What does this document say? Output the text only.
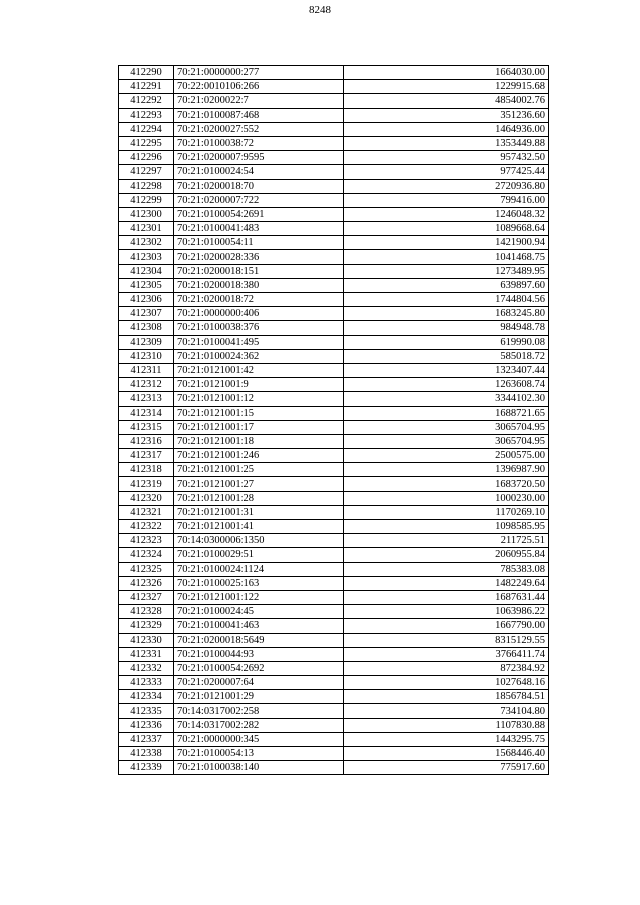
8248
412290	70:21:0000000:277	1664030.00
412291	70:22:0010106:266	1229915.68
412292	70:21:0200022:7	4854002.76
412293	70:21:0100087:468	351236.60
412294	70:21:0200027:552	1464936.00
412295	70:21:0100038:72	1353449.88
412296	70:21:0200007:9595	957432.50
412297	70:21:0100024:54	977425.44
412298	70:21:0200018:70	2720936.80
412299	70:21:0200007:722	799416.00
412300	70:21:0100054:2691	1246048.32
412301	70:21:0100041:483	1089668.64
412302	70:21:0100054:11	1421900.94
412303	70:21:0200028:336	1041468.75
412304	70:21:0200018:151	1273489.95
412305	70:21:0200018:380	639897.60
412306	70:21:0200018:72	1744804.56
412307	70:21:0000000:406	1683245.80
412308	70:21:0100038:376	984948.78
412309	70:21:0100041:495	619990.08
412310	70:21:0100024:362	585018.72
412311	70:21:0121001:42	1323407.44
412312	70:21:0121001:9	1263608.74
412313	70:21:0121001:12	3344102.30
412314	70:21:0121001:15	1688721.65
412315	70:21:0121001:17	3065704.95
412316	70:21:0121001:18	3065704.95
412317	70:21:0121001:246	2500575.00
412318	70:21:0121001:25	1396987.90
412319	70:21:0121001:27	1683720.50
412320	70:21:0121001:28	1000230.00
412321	70:21:0121001:31	1170269.10
412322	70:21:0121001:41	1098585.95
412323	70:14:0300006:1350	211725.51
412324	70:21:0100029:51	2060955.84
412325	70:21:0100024:1124	785383.08
412326	70:21:0100025:163	1482249.64
412327	70:21:0121001:122	1687631.44
412328	70:21:0100024:45	1063986.22
412329	70:21:0100041:463	1667790.00
412330	70:21:0200018:5649	8315129.55
412331	70:21:0100044:93	3766411.74
412332	70:21:0100054:2692	872384.92
412333	70:21:0200007:64	1027648.16
412334	70:21:0121001:29	1856784.51
412335	70:14:0317002:258	734104.80
412336	70:14:0317002:282	1107830.88
412337	70:21:0000000:345	1443295.75
412338	70:21:0100054:13	1568446.40
412339	70:21:0100038:140	775917.60
